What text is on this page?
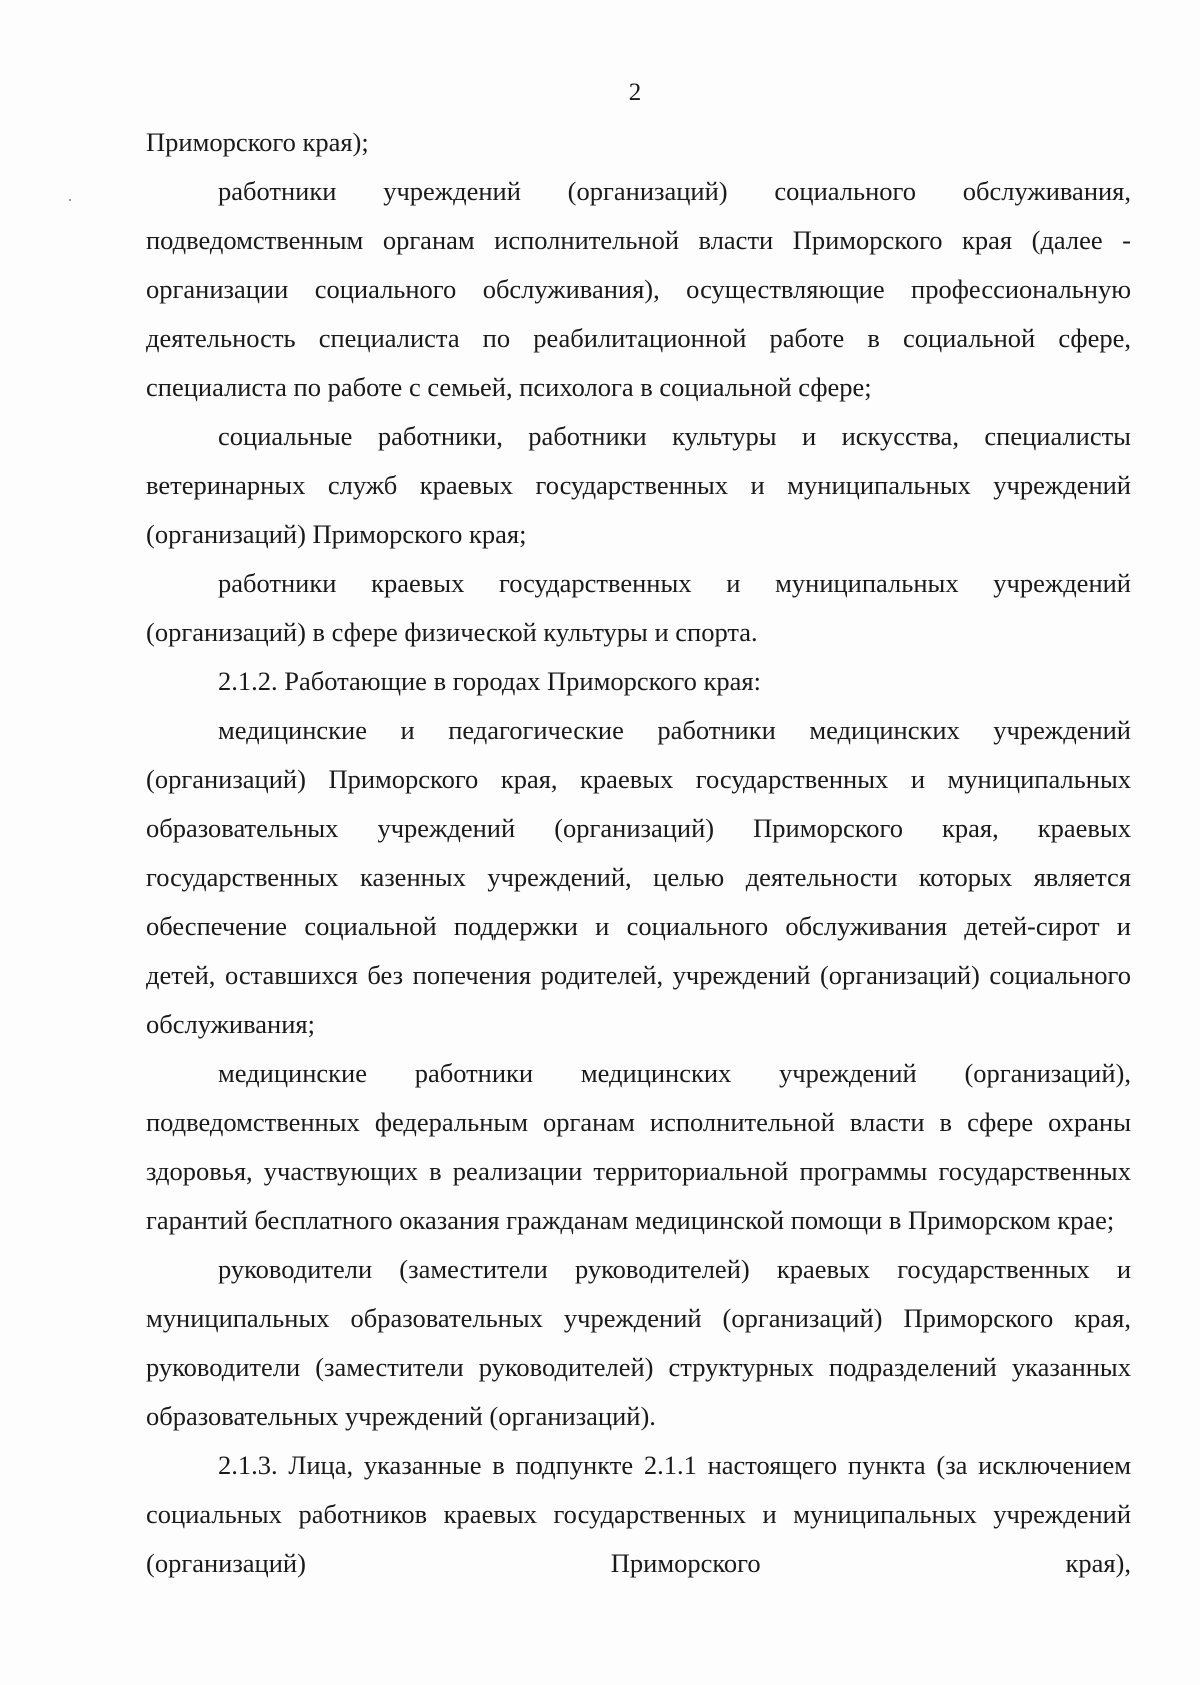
2

Приморского края);

работники учреждений (организаций) социального обслуживания, подведомственным органам исполнительной власти Приморского края (далее - организации социального обслуживания), осуществляющие профессиональную деятельность специалиста по реабилитационной работе в социальной сфере, специалиста по работе с семьей, психолога в социальной сфере;

социальные работники, работники культуры и искусства, специалисты ветеринарных служб краевых государственных и муниципальных учреждений (организаций) Приморского края;

работники краевых государственных и муниципальных учреждений (организаций) в сфере физической культуры и спорта.

2.1.2. Работающие в городах Приморского края:

медицинские и педагогические работники медицинских учреждений (организаций) Приморского края, краевых государственных и муниципальных образовательных учреждений (организаций) Приморского края, краевых государственных казенных учреждений, целью деятельности которых является обеспечение социальной поддержки и социального обслуживания детей-сирот и детей, оставшихся без попечения родителей, учреждений (организаций) социального обслуживания;

медицинские работники медицинских учреждений (организаций), подведомственных федеральным органам исполнительной власти в сфере охраны здоровья, участвующих в реализации территориальной программы государственных гарантий бесплатного оказания гражданам медицинской помощи в Приморском крае;

руководители (заместители руководителей) краевых государственных и муниципальных образовательных учреждений (организаций) Приморского края, руководители (заместители руководителей) структурных подразделений указанных образовательных учреждений (организаций).

2.1.3. Лица, указанные в подпункте 2.1.1 настоящего пункта (за исключением социальных работников краевых государственных и муниципальных учреждений (организаций) Приморского края),
